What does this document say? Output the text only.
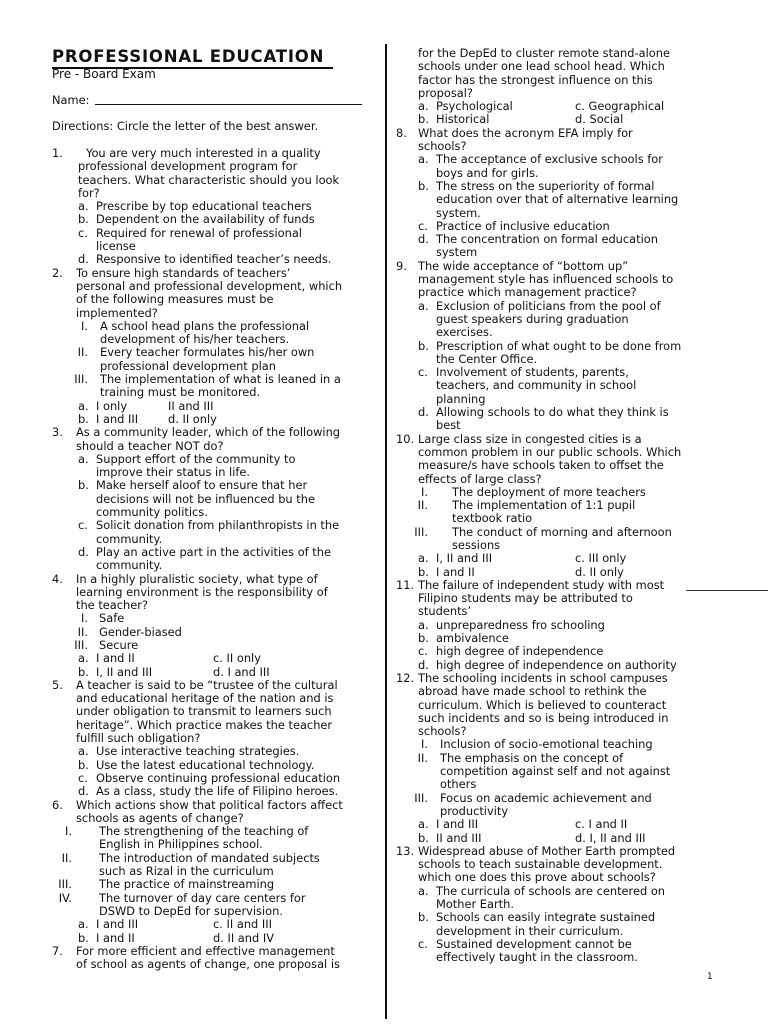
PROFESSIONAL EDUCATION
Pre - Board Exam
Name:
Directions: Circle the letter of the best answer.
1.	You are very much interested in a quality
professional development program for
teachers. What characteristic should you look
for?
a. Prescribe by top educational teachers
b. Dependent on the availability of funds
c. Required for renewal of professional
license
d. Responsive to identified teacher’s needs.
2.	To ensure high standards of teachers’
personal and professional development, which
of the following measures must be
implemented?
I. A school head plans the professional
development of his/her teachers.
II. Every teacher formulates his/her own
professional development plan
III. The implementation of what is leaned in a
training must be monitored.
a. I only	II and III
b. I and III	d. II only
3.	As a community leader, which of the following
should a teacher NOT do?
a. Support effort of the community to
improve their status in life.
b. Make herself aloof to ensure that her
decisions will not be influenced bu the
community politics.
c. Solicit donation from philanthropists in the
community.
d. Play an active part in the activities of the
community.
4.	In a highly pluralistic society, what type of
learning environment is the responsibility of
the teacher?
I. Safe
II. Gender-biased
III. Secure
a. I and II	c. II only
b. I, II and III	d. I and III
5.	A teacher is said to be “trustee of the cultural
and educational heritage of the nation and is
under obligation to transmit to learners such
heritage”. Which practice makes the teacher
fulfill such obligation?
a. Use interactive teaching strategies.
b. Use the latest educational technology.
c. Observe continuing professional education
d. As a class, study the life of Filipino heroes.
6.	Which actions show that political factors affect
schools as agents of change?
I. The strengthening of the teaching of
English in Philippines school.
II. The introduction of mandated subjects
such as Rizal in the curriculum
III.	The practice of mainstreaming
IV. The turnover of day care centers for
DSWD to DepEd for supervision.
a. I and III	c. II and III
b. I and II	d. II and IV
7.	For more efficient and effective management
of school as agents of change, one proposal is
for the DepEd to cluster remote stand-alone
schools under one lead school head. Which
factor has the strongest influence on this
proposal?
a. Psychological	c. Geographical
b. Historical	d. Social
8. What does the acronym EFA imply for
schools?
a. The acceptance of exclusive schools for
boys and for girls.
b. The stress on the superiority of formal
education over that of alternative learning
system.
c. Practice of inclusive education
d. The concentration on formal education
system
9. The wide acceptance of “bottom up”
management style has influenced schools to
practice which management practice?
a. Exclusion of politicians from the pool of
guest speakers during graduation
exercises.
b. Prescription of what ought to be done from
the Center Office.
c. Involvement of students, parents,
teachers, and community in school
planning
d. Allowing schools to do what they think is
best
10. Large class size in congested cities is a
common problem in our public schools. Which
measure/s have schools taken to offset the
effects of large class?
I.	The deployment of more teachers
II. The implementation of 1:1 pupil
textbook ratio
III. The conduct of morning and afternoon
sessions
a. I, II and III	c. III only
b. I and II	d. II only
11. The failure of independent study with most
Filipino students may be attributed to
students’
a. unpreparedness fro schooling
b. ambivalence
c. high degree of independence
d. high degree of independence on authority
12. The schooling incidents in school campuses
abroad have made school to rethink the
curriculum. Which is believed to counteract
such incidents and so is being introduced in
schools?
I.	Inclusion of socio-emotional teaching
II. The emphasis on the concept of
competition against self and not against
others
III. Focus on academic achievement and
productivity
a. I and III	c. I and II
b. II and III	d. I, II and III
13. Widespread abuse of Mother Earth prompted
schools to teach sustainable development.
which one does this prove about schools?
a. The curricula of schools are centered on
Mother Earth.
b. Schools can easily integrate sustained
development in their curriculum.
c. Sustained development cannot be
effectively taught in the classroom.
1
